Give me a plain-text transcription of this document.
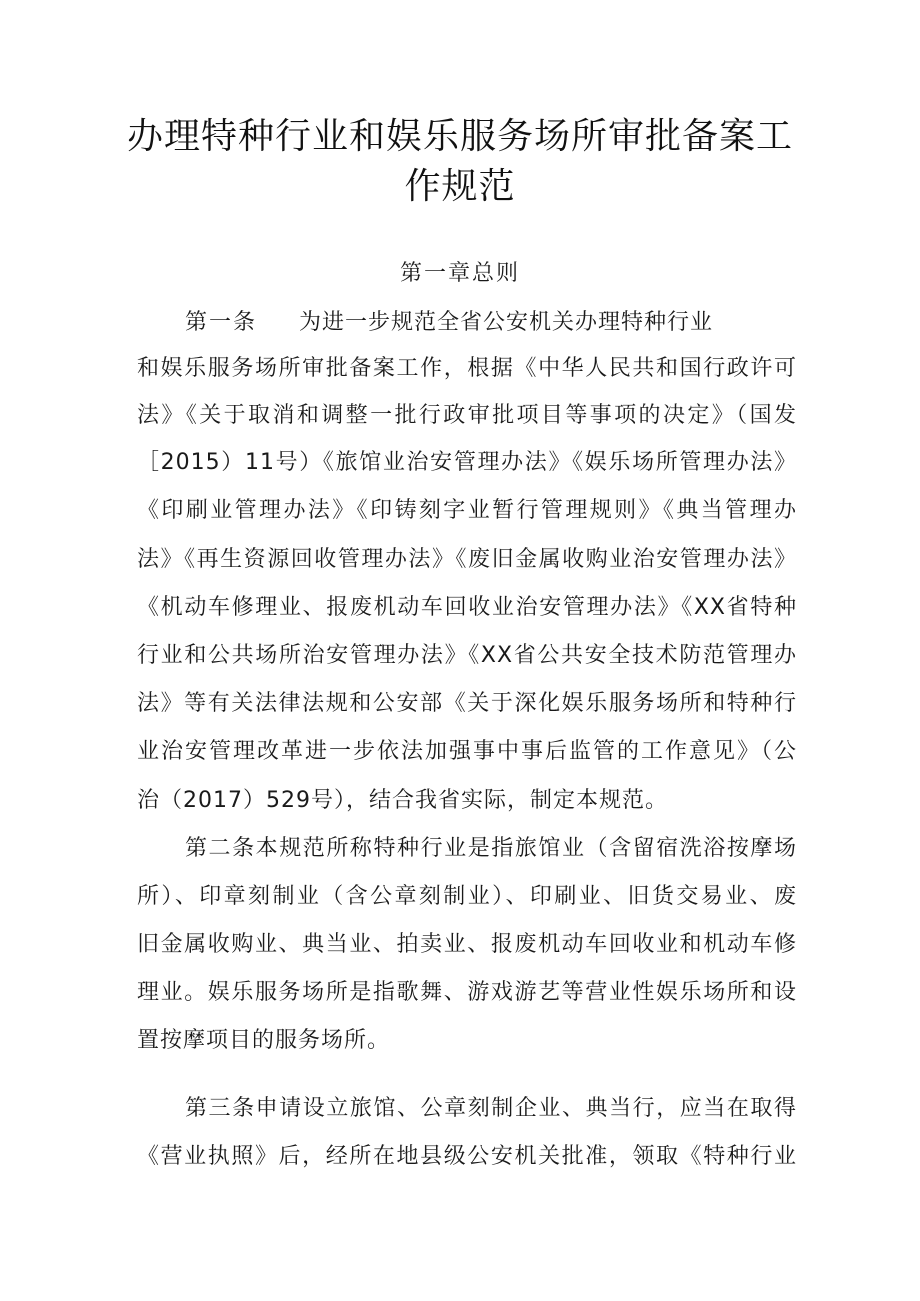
办理特种行业和娱乐服务场所审批备案工
作规范
第一章总则
第一条 为进一步规范全省公安机关办理特种行业
和娱乐服务场所审批备案工作，根据《中华人民共和国行政许可
法》《关于取消和调整一批行政审批项目等事项的决定》（国发
［2015）11号）《旅馆业治安管理办法》《娱乐场所管理办法》
《印刷业管理办法》《印铸刻字业暂行管理规则》《典当管理办
法》《再生资源回收管理办法》《废旧金属收购业治安管理办法》
《机动车修理业、报废机动车回收业治安管理办法》《XX省特种
行业和公共场所治安管理办法》《XX省公共安全技术防范管理办
法》等有关法律法规和公安部《关于深化娱乐服务场所和特种行
业治安管理改革进一步依法加强事中事后监管的工作意见》（公
治（2017）529号），结合我省实际，制定本规范。
第二条本规范所称特种行业是指旅馆业（含留宿洗浴按摩场
所）、印章刻制业（含公章刻制业）、印刷业、旧货交易业、废
旧金属收购业、典当业、拍卖业、报废机动车回收业和机动车修
理业。娱乐服务场所是指歌舞、游戏游艺等营业性娱乐场所和设
置按摩项目的服务场所。
第三条申请设立旅馆、公章刻制企业、典当行，应当在取得
《营业执照》后，经所在地县级公安机关批准，领取《特种行业
